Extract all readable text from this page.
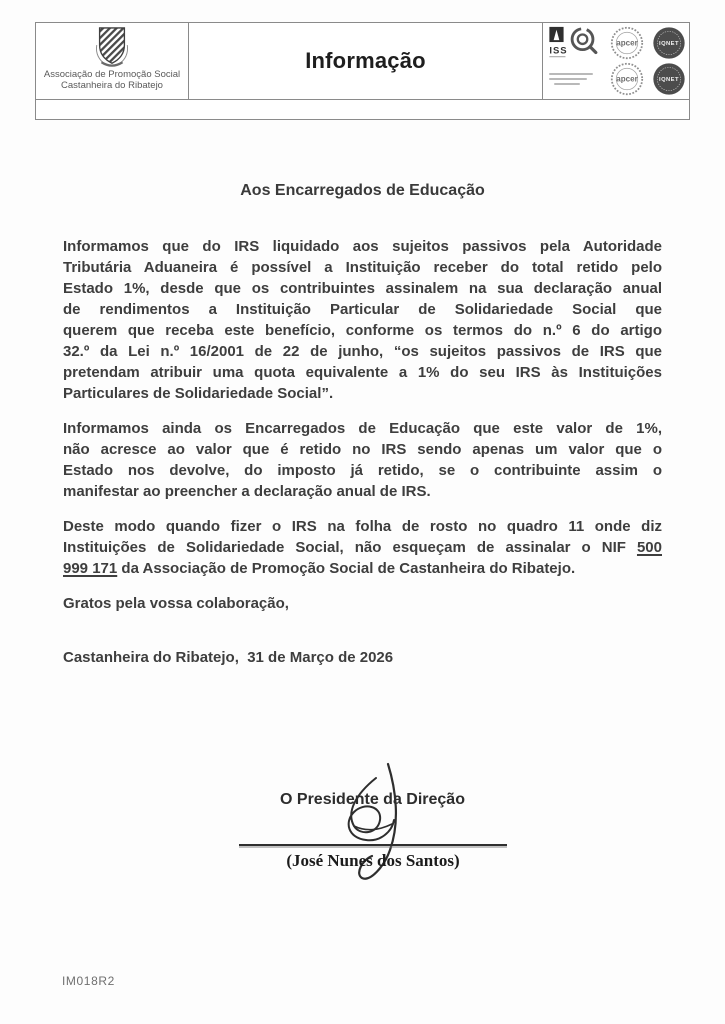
Associação de Promoção Social
Castanheira do Ribatejo
Informação	ISS
apcer	IQNET
apcer	IQNET
Aos Encarregados de Educação
Informamos que do IRS liquidado aos sujeitos passivos pela Autoridade
Tributária Aduaneira é possível a Instituição receber do total retido pelo
Estado 1%, desde que os contribuintes assinalem na sua declaração anual
de rendimentos a Instituição Particular de Solidariedade Social que
querem que receba este benefício, conforme os termos do n.º 6 do artigo
32.º da Lei n.º 16/2001 de 22 de junho, “os sujeitos passivos de IRS que
pretendam atribuir uma quota equivalente a 1% do seu IRS às Instituições
Particulares de Solidariedade Social”.
Informamos ainda os Encarregados de Educação que este valor de 1%,
não acresce ao valor que é retido no IRS sendo apenas um valor que o
Estado nos devolve, do imposto já retido, se o contribuinte assim o
manifestar ao preencher a declaração anual de IRS.
Deste modo quando fizer o IRS na folha de rosto no quadro 11 onde diz
Instituições de Solidariedade Social, não esqueçam de assinalar o NIF 500
999 171 da Associação de Promoção Social de Castanheira do Ribatejo.
Gratos pela vossa colaboração,
Castanheira do Ribatejo,  31 de Março de 2026
O Presidente da Direção
(José Nunes dos Santos)
IM018R2
